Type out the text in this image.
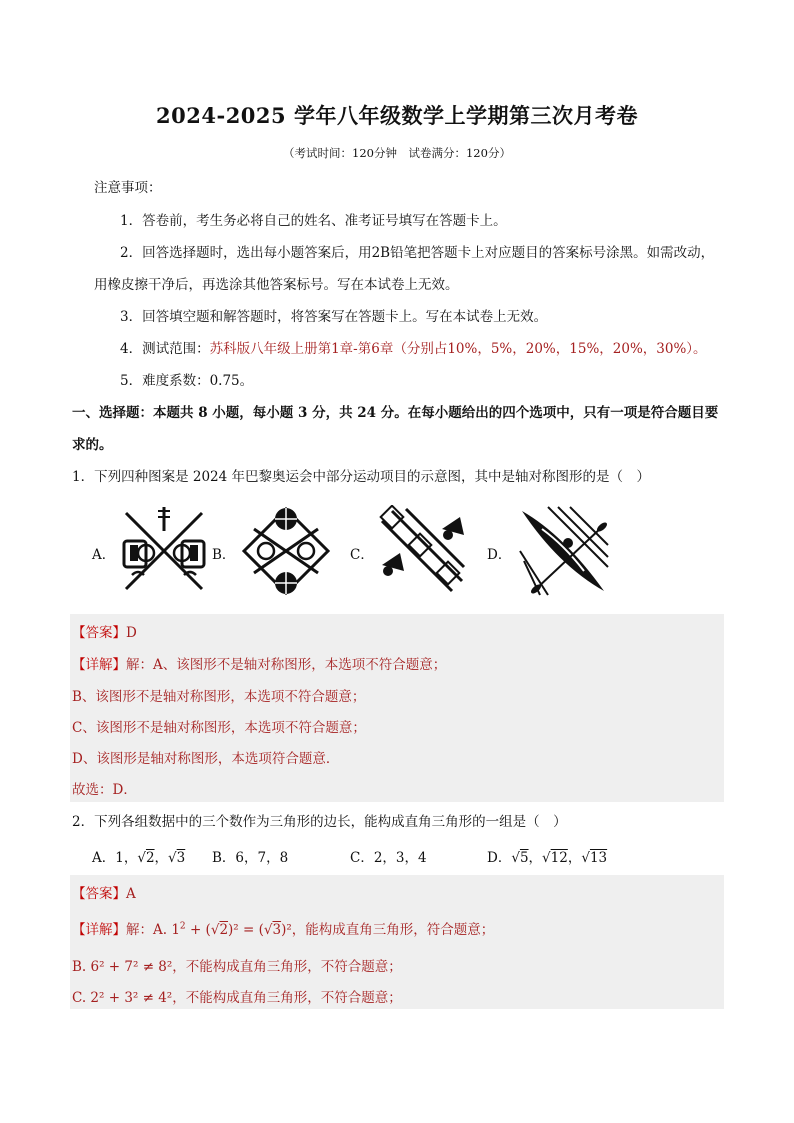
2024-2025 学年八年级数学上学期第三次月考卷
（考试时间：120分钟　试卷满分：120分）
注意事项：
1．答卷前，考生务必将自己的姓名、准考证号填写在答题卡上。
2．回答选择题时，选出每小题答案后，用2B铅笔把答题卡上对应题目的答案标号涂黑。如需改动，
用橡皮擦干净后，再选涂其他答案标号。写在本试卷上无效。
3．回答填空题和解答题时，将答案写在答题卡上。写在本试卷上无效。
4．测试范围：苏科版八年级上册第1章-第6章（分别占10%，5%，20%，15%，20%，30%）。
5．难度系数：0.75。
一、选择题：本题共 8 小题，每小题 3 分，共 24 分。在每小题给出的四个选项中，只有一项是符合题目要
求的。
1．下列四种图案是 2024 年巴黎奥运会中部分运动项目的示意图，其中是轴对称图形的是（　）
A．	B．	C．	D．
【答案】D
【详解】解：A、该图形不是轴对称图形，本选项不符合题意；
B、该图形不是轴对称图形，本选项不符合题意；
C、该图形不是轴对称图形，本选项不符合题意；
D、该图形是轴对称图形，本选项符合题意．
故选：D．
2．下列各组数据中的三个数作为三角形的边长，能构成直角三角形的一组是（　）
A．1，√2，√3 B．6，7，8	C．2，3，4	D．√5，√12，√13
【答案】A
【详解】解：A. $1^2 + (√2)^2 = (√3)^2$，能构成直角三角形，符合题意；
B. 6² + 7² ≠ 8²，不能构成直角三角形，不符合题意；
C. 2² + 3² ≠ 4²，不能构成直角三角形，不符合题意；
